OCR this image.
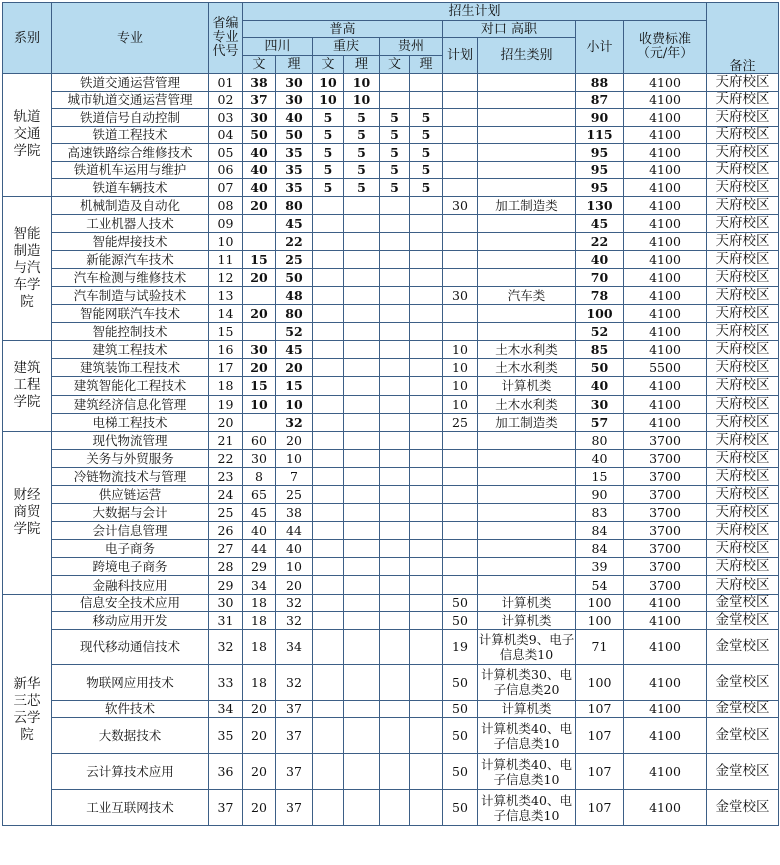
系别	专业	省编专业代号	招生计划										备注
			普高						对口 高职		小计	收费标准（元/年）	
			四川		重庆		贵州		计划	招生类别			
			文	理	文	理	文	理					
轨道交通学院	铁道交通运营管理	01	38	30	10	10					88	4100	天府校区
	城市轨道交通运营管理	02	37	30	10	10					87	4100	天府校区
	铁道信号自动控制	03	30	40	5	5	5	5			90	4100	天府校区
	铁道工程技术	04	50	50	5	5	5	5			115	4100	天府校区
	高速铁路综合维修技术	05	40	35	5	5	5	5			95	4100	天府校区
	铁道机车运用与维护	06	40	35	5	5	5	5			95	4100	天府校区
	铁道车辆技术	07	40	35	5	5	5	5			95	4100	天府校区
智能制造与汽车学院	机械制造及自动化	08	20	80					30	加工制造类	130	4100	天府校区
	工业机器人技术	09		45							45	4100	天府校区
	智能焊接技术	10		22							22	4100	天府校区
	新能源汽车技术	11	15	25							40	4100	天府校区
	汽车检测与维修技术	12	20	50							70	4100	天府校区
	汽车制造与试验技术	13		48					30	汽车类	78	4100	天府校区
	智能网联汽车技术	14	20	80							100	4100	天府校区
	智能控制技术	15		52							52	4100	天府校区
建筑工程学院	建筑工程技术	16	30	45					10	土木水利类	85	4100	天府校区
	建筑装饰工程技术	17	20	20					10	土木水利类	50	5500	天府校区
	建筑智能化工程技术	18	15	15					10	计算机类	40	4100	天府校区
	建筑经济信息化管理	19	10	10					10	土木水利类	30	4100	天府校区
	电梯工程技术	20		32					25	加工制造类	57	4100	天府校区
财经商贸学院	现代物流管理	21	60	20							80	3700	天府校区
	关务与外贸服务	22	30	10							40	3700	天府校区
	冷链物流技术与管理	23	8	7							15	3700	天府校区
	供应链运营	24	65	25							90	3700	天府校区
	大数据与会计	25	45	38							83	3700	天府校区
	会计信息管理	26	40	44							84	3700	天府校区
	电子商务	27	44	40							84	3700	天府校区
	跨境电子商务	28	29	10							39	3700	天府校区
	金融科技应用	29	34	20							54	3700	天府校区
新华三芯云学院	信息安全技术应用	30	18	32					50	计算机类	100	4100	金堂校区
	移动应用开发	31	18	32					50	计算机类	100	4100	金堂校区
	现代移动通信技术	32	18	34					19	计算机类9、电子信息类10	71	4100	金堂校区
	物联网应用技术	33	18	32					50	计算机类30、电子信息类20	100	4100	金堂校区
	软件技术	34	20	37					50	计算机类	107	4100	金堂校区
	大数据技术	35	20	37					50	计算机类40、电子信息类10	107	4100	金堂校区
	云计算技术应用	36	20	37					50	计算机类40、电子信息类10	107	4100	金堂校区
	工业互联网技术	37	20	37					50	计算机类40、电子信息类10	107	4100	金堂校区
